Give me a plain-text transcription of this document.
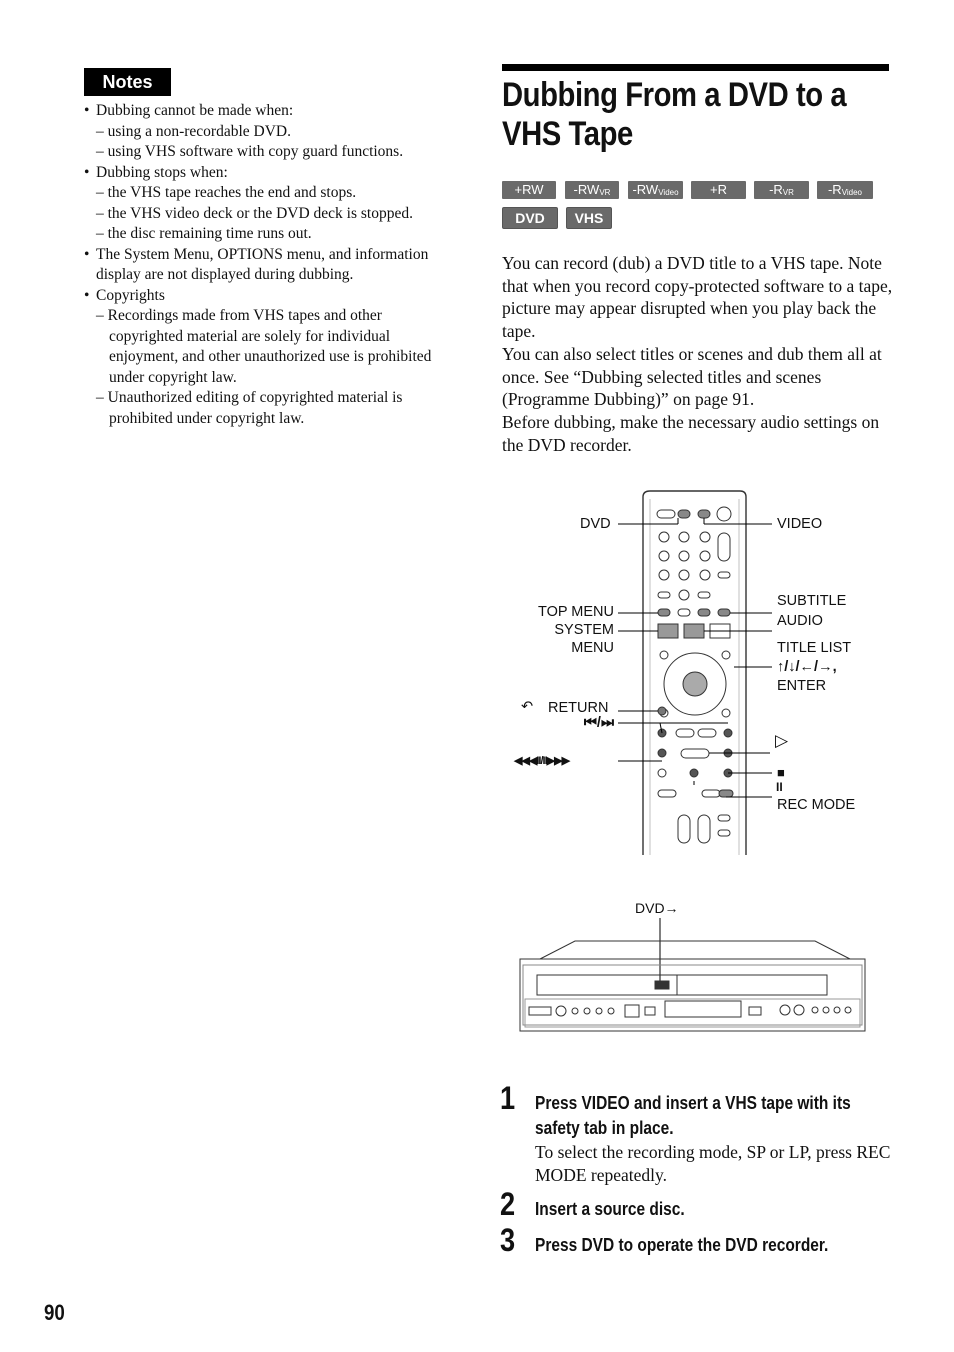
Notes
• Dubbing cannot be made when:
– using a non-recordable DVD.
– using VHS software with copy guard functions.
• Dubbing stops when:
– the VHS tape reaches the end and stops.
– the VHS video deck or the DVD deck is stopped.
– the disc remaining time runs out.
• The System Menu, OPTIONS menu, and information
display are not displayed during dubbing.
• Copyrights
– Recordings made from VHS tapes and other
copyrighted material are solely for individual
enjoyment, and other unauthorized use is prohibited
under copyright law.
– Unauthorized editing of copyrighted material is
prohibited under copyright law.
Dubbing From a DVD to a
VHS Tape
+RW	$-RW_{VR}$	$-RW_{Video}$	+R	$-R_{VR}$	$-R_{Video}$
DVD	VHS

You can record (dub) a DVD title to a VHS tape. Note that when you record copy-protected software to a tape, picture may appear disrupted when you play back the tape.

You can also select titles or scenes and dub them all at once. See “Dubbing selected titles and scenes (Programme Dubbing)” on page 91.

Before dubbing, make the necessary audio settings on the DVD recorder.

DVD	VIDEO
TOP MENU
SYSTEM
MENU
SUBTITLE
AUDIO
TITLE LIST
↑/↓/←/→,
ENTER
↶ RETURN
⏮/⏭
◀◀◀II/II▶▶▶
▷
■
II
REC MODE
DVD→
1 Press VIDEO and insert a VHS tape with its
safety tab in place.
To select the recording mode, SP or LP, press REC MODE repeatedly.
2 Insert a source disc.
3 Press DVD to operate the DVD recorder.
90
